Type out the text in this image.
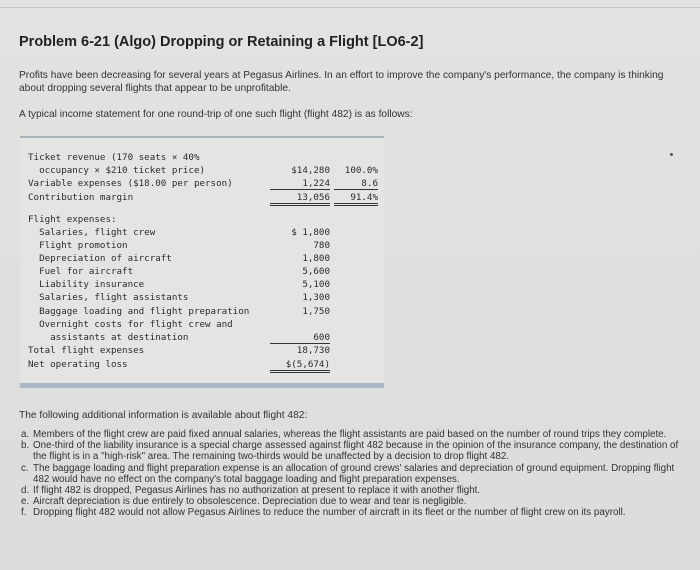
Problem 6-21 (Algo) Dropping or Retaining a Flight [LO6-2]
Profits have been decreasing for several years at Pegasus Airlines. In an effort to improve the company's performance, the company is thinking about dropping several flights that appear to be unprofitable.
A typical income statement for one round-trip of one such flight (flight 482) is as follows:
Ticket revenue (170 seats × 40%
occupancy × $210 ticket price)	$14,280	100.0%
Variable expenses ($18.00 per person)	1,224	8.6
Contribution margin	13,056	91.4%
Flight expenses:
Salaries, flight crew	$ 1,800
Flight promotion	780
Depreciation of aircraft	1,800
Fuel for aircraft	5,600
Liability insurance	5,100
Salaries, flight assistants	1,300
Baggage loading and flight preparation	1,750
Overnight costs for flight crew and
assistants at destination	600
Total flight expenses	18,730
Net operating loss	$(5,674)
The following additional information is available about flight 482:
a. Members of the flight crew are paid fixed annual salaries, whereas the flight assistants are paid based on the number of round trips they complete.
b. One-third of the liability insurance is a special charge assessed against flight 482 because in the opinion of the insurance company, the destination of the flight is in a "high-risk" area. The remaining two-thirds would be unaffected by a decision to drop flight 482.
c. The baggage loading and flight preparation expense is an allocation of ground crews' salaries and depreciation of ground equipment. Dropping flight 482 would have no effect on the company's total baggage loading and flight preparation expenses.
d. If flight 482 is dropped, Pegasus Airlines has no authorization at present to replace it with another flight.
e. Aircraft depreciation is due entirely to obsolescence. Depreciation due to wear and tear is negligible.
f. Dropping flight 482 would not allow Pegasus Airlines to reduce the number of aircraft in its fleet or the number of flight crew on its payroll.
